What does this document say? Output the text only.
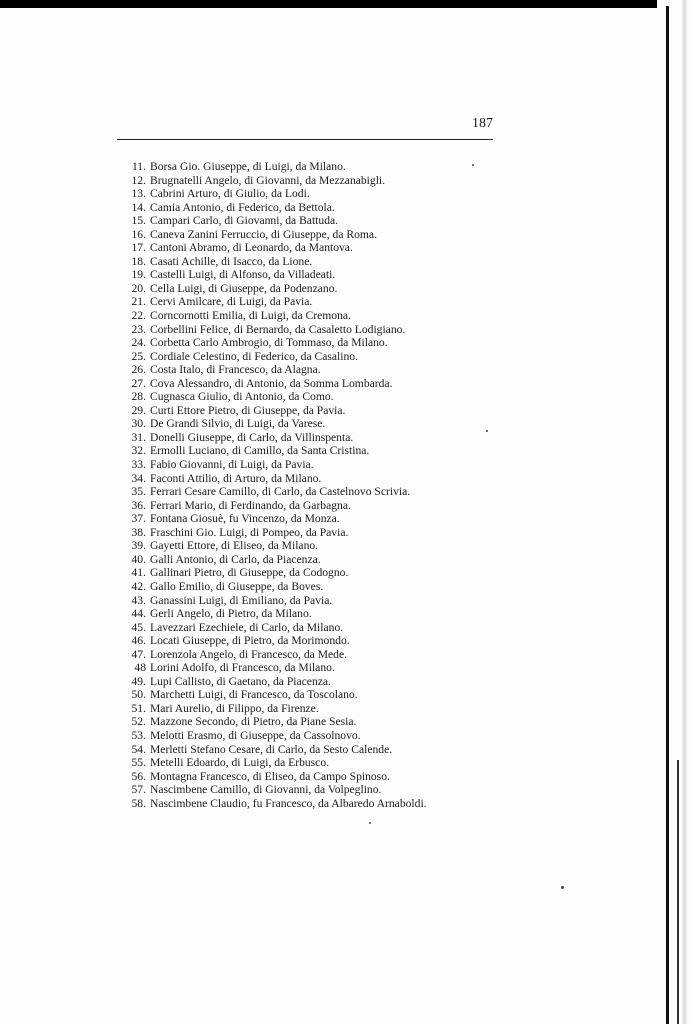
187
11. Borsa Gio. Giuseppe, di Luigi, da Milano.
12. Brugnatelli Angelo, di Giovanni, da Mezzanabigli.
13. Cabrini Arturo, di Giulio, da Lodi.
14. Camia Antonio, di Federico, da Bettola.
15. Campari Carlo, di Giovanni, da Battuda.
16. Caneva Zanini Ferruccio, di Giuseppe, da Roma.
17. Cantoni Abramo, di Leonardo, da Mantova.
18. Casati Achille, di Isacco, da Lione.
19. Castelli Luigi, di Alfonso, da Villadeati.
20. Cella Luigi, di Giuseppe, da Podenzano.
21. Cervi Amilcare, di Luigi, da Pavia.
22. Corncornotti Emilia, di Luigi, da Cremona.
23. Corbellini Felice, di Bernardo, da Casaletto Lodigiano.
24. Corbetta Carlo Ambrogio, di Tommaso, da Milano.
25. Cordiale Celestino, di Federico, da Casalino.
26. Costa Italo, di Francesco, da Alagna.
27. Cova Alessandro, di Antonio, da Somma Lombarda.
28. Cugnasca Giulio, di Antonio, da Como.
29. Curti Ettore Pietro, di Giuseppe, da Pavia.
30. De Grandi Silvio, di Luigi, da Varese.
31. Donelli Giuseppe, di Carlo, da Villinspenta.
32. Ermolli Luciano, di Camillo, da Santa Cristina.
33. Fabio Giovanni, di Luigi, da Pavia.
34. Faconti Attilio, di Arturo, da Milano.
35. Ferrari Cesare Camillo, di Carlo, da Castelnovo Scrivia.
36. Ferrari Mario, di Ferdinando, da Garbagna.
37. Fontana Giosuè, fu Vincenzo, da Monza.
38. Fraschini Gio. Luigi, di Pompeo, da Pavia.
39. Gayetti Ettore, di Eliseo, da Milano.
40. Galli Antonio, di Carlo, da Piacenza.
41. Gallinari Pietro, di Giuseppe, da Codogno.
42. Gallo Emilio, di Giuseppe, da Boves.
43. Ganassini Luigi, di Emiliano, da Pavia.
44. Gerli Angelo, di Pietro, da Milano.
45. Lavezzari Ezechiele, di Carlo, da Milano.
46. Locati Giuseppe, di Pietro, da Morimondo.
47. Lorenzola Angelo, di Francesco, da Mede.
48 Lorini Adolfo, di Francesco, da Milano.
49. Lupi Callisto, di Gaetano, da Piacenza.
50. Marchetti Luigi, di Francesco, da Toscolano.
51. Mari Aurelio, di Filippo, da Firenze.
52. Mazzone Secondo, di Pietro, da Piane Sesia.
53. Melotti Erasmo, di Giuseppe, da Cassolnovo.
54. Merletti Stefano Cesare, di Carlo, da Sesto Calende.
55. Metelli Edoardo, di Luigi, da Erbusco.
56. Montagna Francesco, di Eliseo, da Campo Spinoso.
57. Nascimbene Camillo, di Giovanni, da Volpeglino.
58. Nascimbene Claudio, fu Francesco, da Albaredo Arnaboldi.
